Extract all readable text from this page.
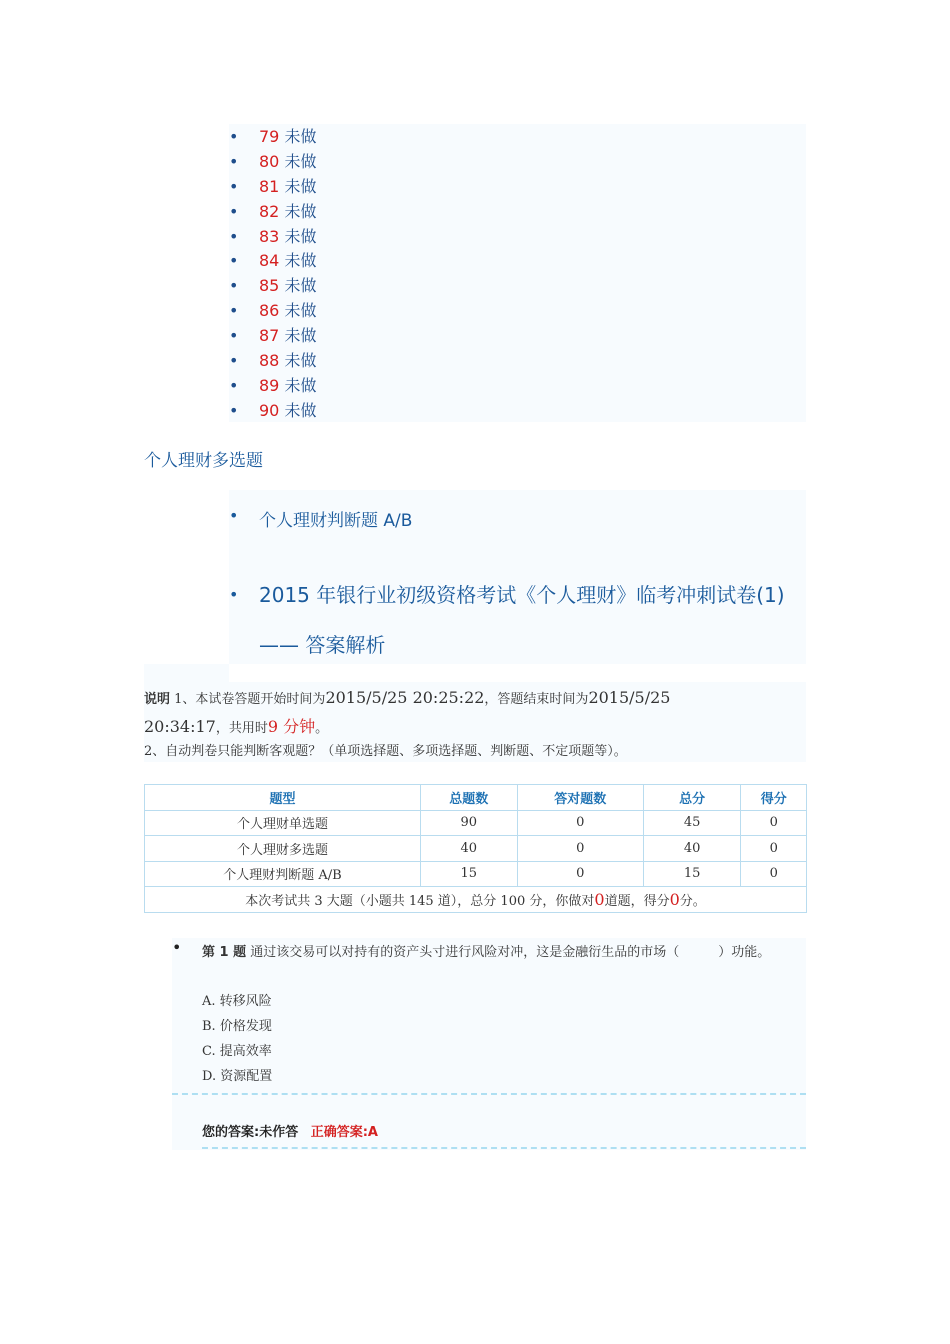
• 79 未做
• 80 未做
• 81 未做
• 82 未做
• 83 未做
• 84 未做
• 85 未做
• 86 未做
• 87 未做
• 88 未做
• 89 未做
• 90 未做
个人理财多选题
• 个人理财判断题 A/B
• 2015 年银行业初级资格考试《个人理财》临考冲刺试卷(1) —— 答案解析
说明 1、本试卷答题开始时间为2015/5/25 20:25:22，答题结束时间为2015/5/25
20:34:17，共用时9 分钟。
2、自动判卷只能判断客观题？（单项选择题、多项选择题、判断题、不定项题等）。
题型	总题数	答对题数	总分	得分
个人理财单选题	90	0	45	0
个人理财多选题	40	0	40	0
个人理财判断题 A/B	15	0	15	0
本次考试共 3 大题（小题共 145 道），总分 100 分，你做对0道题，得分0分。				
• 第 1 题 通过该交易可以对持有的资产头寸进行风险对冲，这是金融衍生品的市场（　　　）功能。
A. 转移风险
B. 价格发现
C. 提高效率
D. 资源配置
您的答案:未作答 正确答案:A
